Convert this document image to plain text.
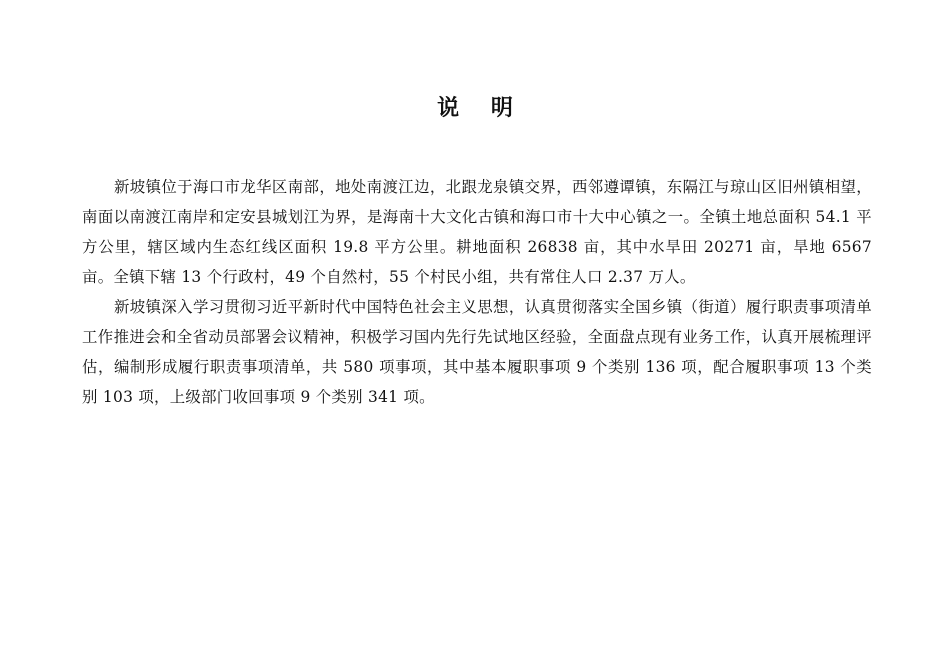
说 明

新坡镇位于海口市龙华区南部，地处南渡江边，北跟龙泉镇交界，西邻遵谭镇，东隔江与琼山区旧州镇相望，南面以南渡江南岸和定安县城划江为界，是海南十大文化古镇和海口市十大中心镇之一。全镇土地总面积 54.1 平方公里，辖区域内生态红线区面积 19.8 平方公里。耕地面积 26838 亩，其中水旱田 20271 亩，旱地 6567 亩。全镇下辖 13 个行政村，49 个自然村，55 个村民小组，共有常住人口 2.37 万人。

新坡镇深入学习贯彻习近平新时代中国特色社会主义思想，认真贯彻落实全国乡镇（街道）履行职责事项清单工作推进会和全省动员部署会议精神，积极学习国内先行先试地区经验，全面盘点现有业务工作，认真开展梳理评估，编制形成履行职责事项清单，共 580 项事项，其中基本履职事项 9 个类别 136 项，配合履职事项 13 个类别 103 项，上级部门收回事项 9 个类别 341 项。
